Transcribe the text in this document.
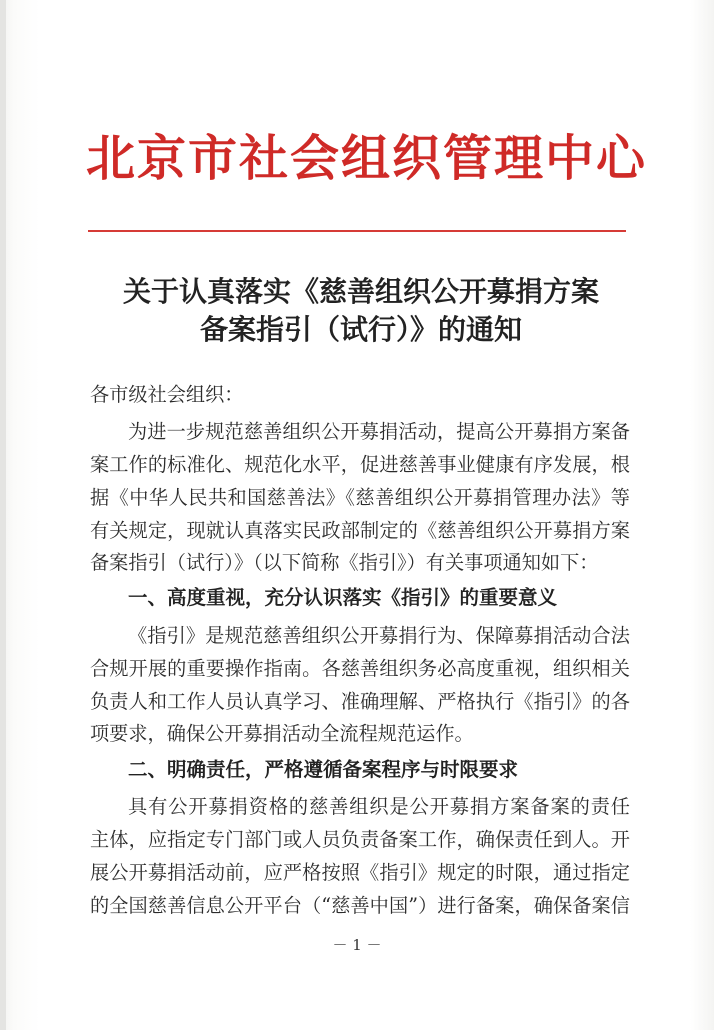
北京市社会组织管理中心
关于认真落实《慈善组织公开募捐方案
备案指引（试行）》的通知
各市级社会组织：
为进一步规范慈善组织公开募捐活动，提高公开募捐方案备
案工作的标准化、规范化水平，促进慈善事业健康有序发展，根
据《中华人民共和国慈善法》《慈善组织公开募捐管理办法》等
有关规定，现就认真落实民政部制定的《慈善组织公开募捐方案
备案指引（试行）》（以下简称《指引》）有关事项通知如下：
一、高度重视，充分认识落实《指引》的重要意义
《指引》是规范慈善组织公开募捐行为、保障募捐活动合法
合规开展的重要操作指南。各慈善组织务必高度重视，组织相关
负责人和工作人员认真学习、准确理解、严格执行《指引》的各
项要求，确保公开募捐活动全流程规范运作。
二、明确责任，严格遵循备案程序与时限要求
具有公开募捐资格的慈善组织是公开募捐方案备案的责任
主体，应指定专门部门或人员负责备案工作，确保责任到人。开
展公开募捐活动前，应严格按照《指引》规定的时限，通过指定
的全国慈善信息公开平台（“慈善中国”）进行备案，确保备案信
－ 1 －
